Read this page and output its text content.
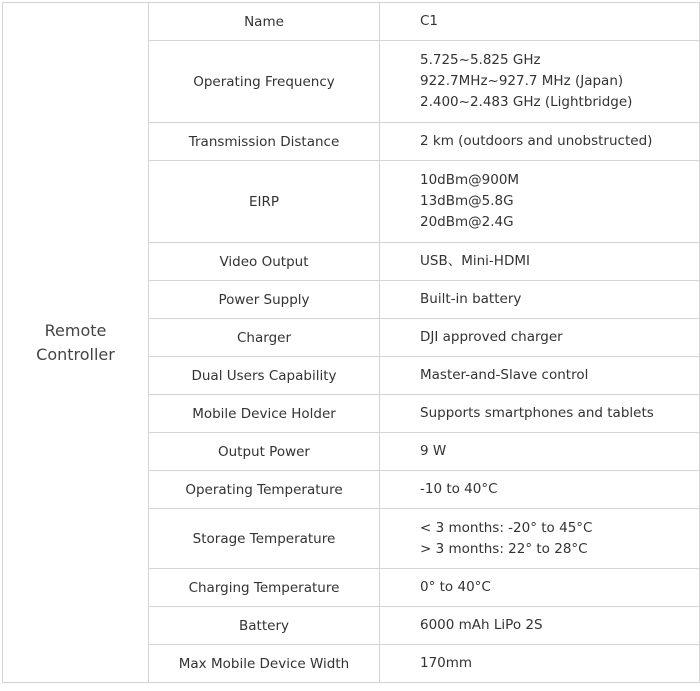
Remote
Controller	Name	C1

	Operating Frequency	5.725~5.825 GHz
922.7MHz~927.7 MHz (Japan)
2.400~2.483 GHz (Lightbridge)

	Transmission Distance	2 km (outdoors and unobstructed)

	EIRP	10dBm@900M
13dBm@5.8G
20dBm@2.4G

	Video Output	USB、Mini-HDMI

	Power Supply	Built-in battery

	Charger	DJI approved charger

	Dual Users Capability	Master-and-Slave control

	Mobile Device Holder	Supports smartphones and tablets

	Output Power	9 W

	Operating Temperature	-10 to 40°C

	Storage Temperature	< 3 months: -20° to 45°C
> 3 months: 22° to 28°C

	Charging Temperature	0° to 40°C

	Battery	6000 mAh LiPo 2S

	Max Mobile Device Width	170mm
